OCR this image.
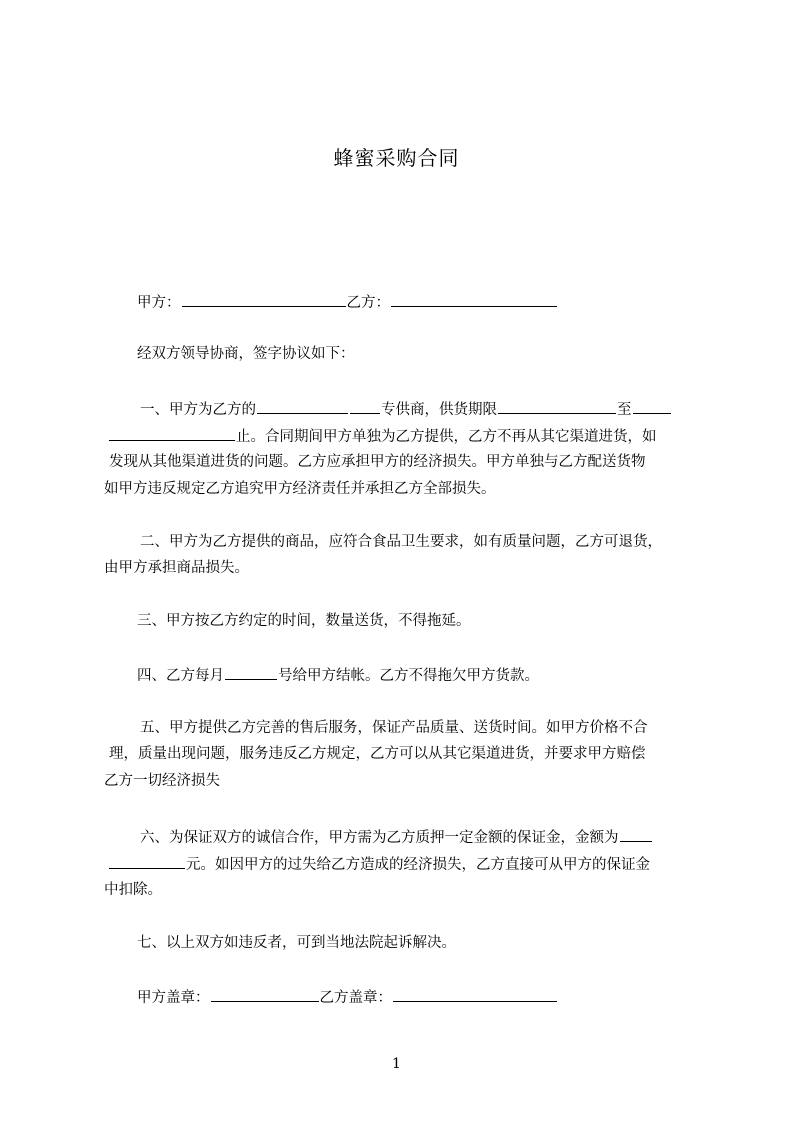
蜂蜜采购合同
甲方：	乙方：
经双方领导协商，签字协议如下：
一、甲方为乙方的	专供商，供货期限	至
止。合同期间甲方单独为乙方提供，乙方不再从其它渠道进货，如
发现从其他渠道进货的问题。乙方应承担甲方的经济损失。甲方单独与乙方配送货物
如甲方违反规定乙方追究甲方经济责任并承担乙方全部损失。
二、甲方为乙方提供的商品，应符合食品卫生要求，如有质量问题，乙方可退货，
由甲方承担商品损失。
三、甲方按乙方约定的时间，数量送货，不得拖延。
四、乙方每月	号给甲方结帐。乙方不得拖欠甲方货款。
五、甲方提供乙方完善的售后服务，保证产品质量、送货时间。如甲方价格不合
理，质量出现问题，服务违反乙方规定，乙方可以从其它渠道进货，并要求甲方赔偿
乙方一切经济损失
六、为保证双方的诚信合作，甲方需为乙方质押一定金额的保证金，金额为
元。如因甲方的过失给乙方造成的经济损失，乙方直接可从甲方的保证金
中扣除。
七、以上双方如违反者，可到当地法院起诉解决。
甲方盖章：	乙方盖章：
1
